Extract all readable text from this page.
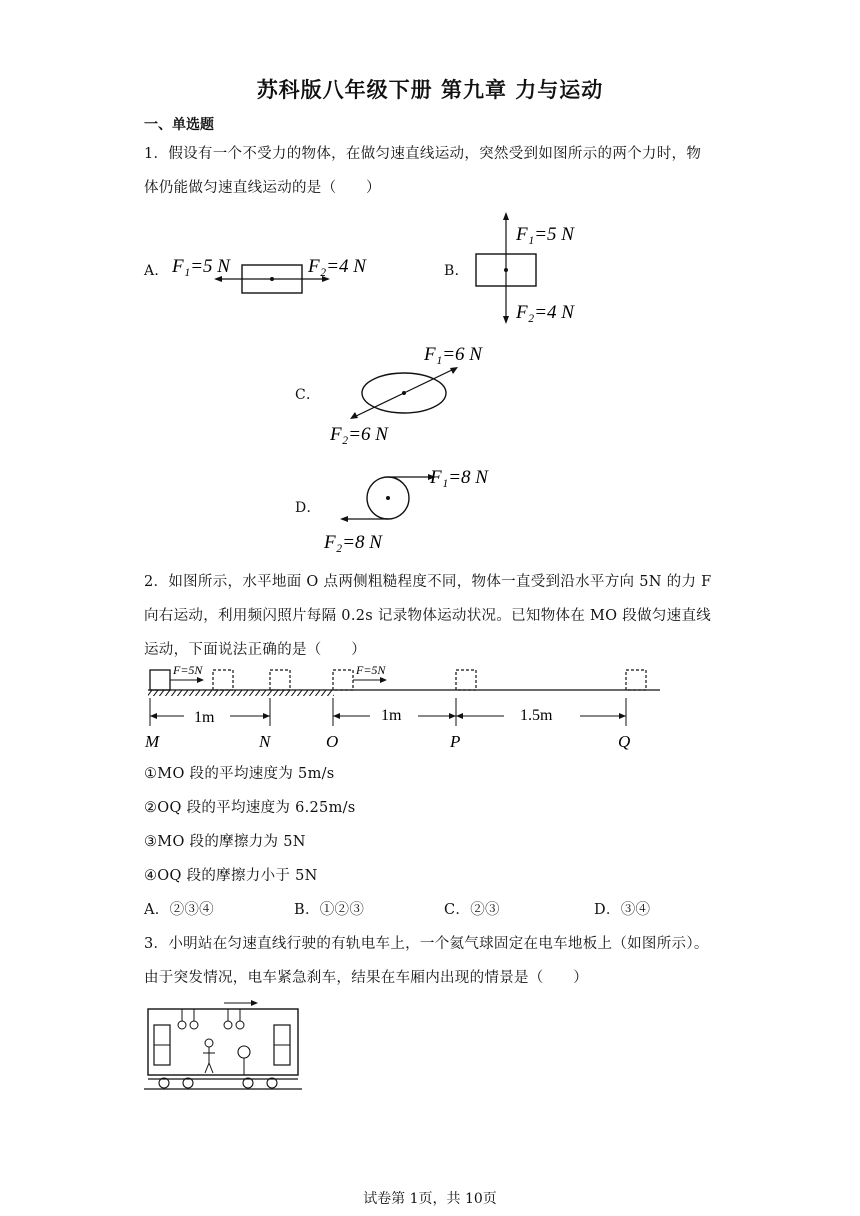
苏科版八年级下册 第九章 力与运动
一、单选题
1．假设有一个不受力的物体，在做匀速直线运动，突然受到如图所示的两个力时，物
体仍能做匀速直线运动的是（　　）
A． F₁=5 N	F₂=4 N	B．
F₁=5 N
F₂=4 N
C．
F₁=6 N
F₂=6 N
D．
F₁=8 N
F₂=8 N
2．如图所示，水平地面 O 点两侧粗糙程度不同，物体一直受到沿水平方向 5N 的力 F
向右运动，利用频闪照片每隔 0.2s 记录物体运动状况。已知物体在 MO 段做匀速直线
运动，下面说法正确的是（　　）
F=5N	F=5N
1m	1m	1.5m
M	N	O	P	Q
①MO 段的平均速度为 5m/s
②OQ 段的平均速度为 6.25m/s
③MO 段的摩擦力为 5N
④OQ 段的摩擦力小于 5N
A．②③④	B．①②③	C．②③	D．③④
3．小明站在匀速直线行驶的有轨电车上，一个氦气球固定在电车地板上（如图所示）。
由于突发情况，电车紧急刹车，结果在车厢内出现的情景是（　　）
试卷第 1页，共 10页
